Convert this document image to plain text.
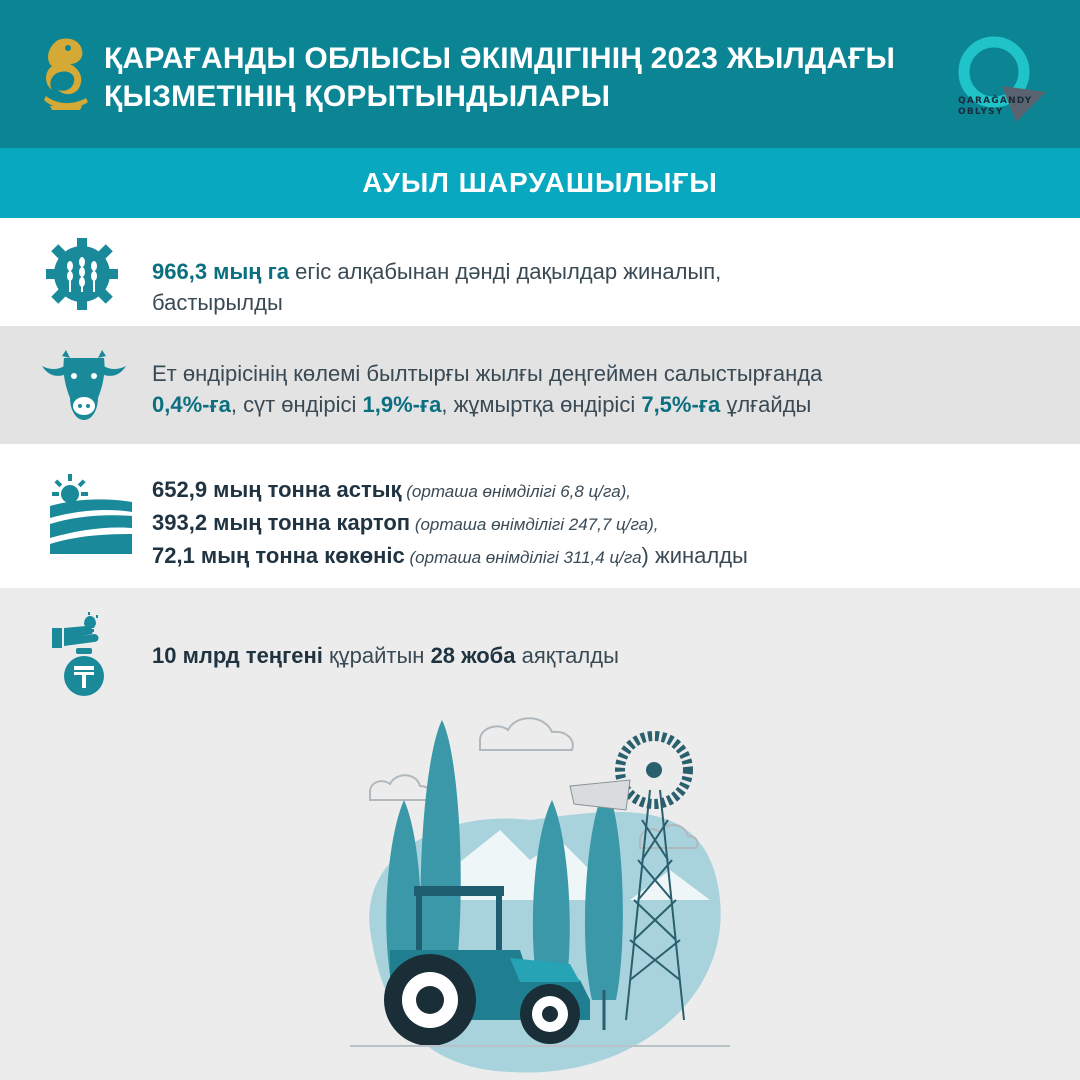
ҚАРАҒАНДЫ ОБЛЫСЫ ӘКІМДІГІНІҢ 2023 ЖЫЛДАҒЫ
ҚЫЗМЕТІНІҢ ҚОРЫТЫНДЫЛАРЫ	QARAĞANDY
OBLYSY
АУЫЛ ШАРУАШЫЛЫҒЫ
966,3 мың га егіс алқабынан дәнді дақылдар жиналып,
бастырылды
Ет өндірісінің көлемі былтырғы жылғы деңгеймен салыстырғанда
0,4%-ға, сүт өндірісі 1,9%-ға, жұмыртқа өндірісі 7,5%-ға ұлғайды
652,9 мың тонна астық (орташа өнімділігі 6,8 ц/га),
393,2 мың тонна картоп (орташа өнімділігі 247,7 ц/га),
72,1 мың тонна көкөніс (орташа өнімділігі 311,4 ц/га) жиналды
10 млрд теңгені құрайтын 28 жоба аяқталды
